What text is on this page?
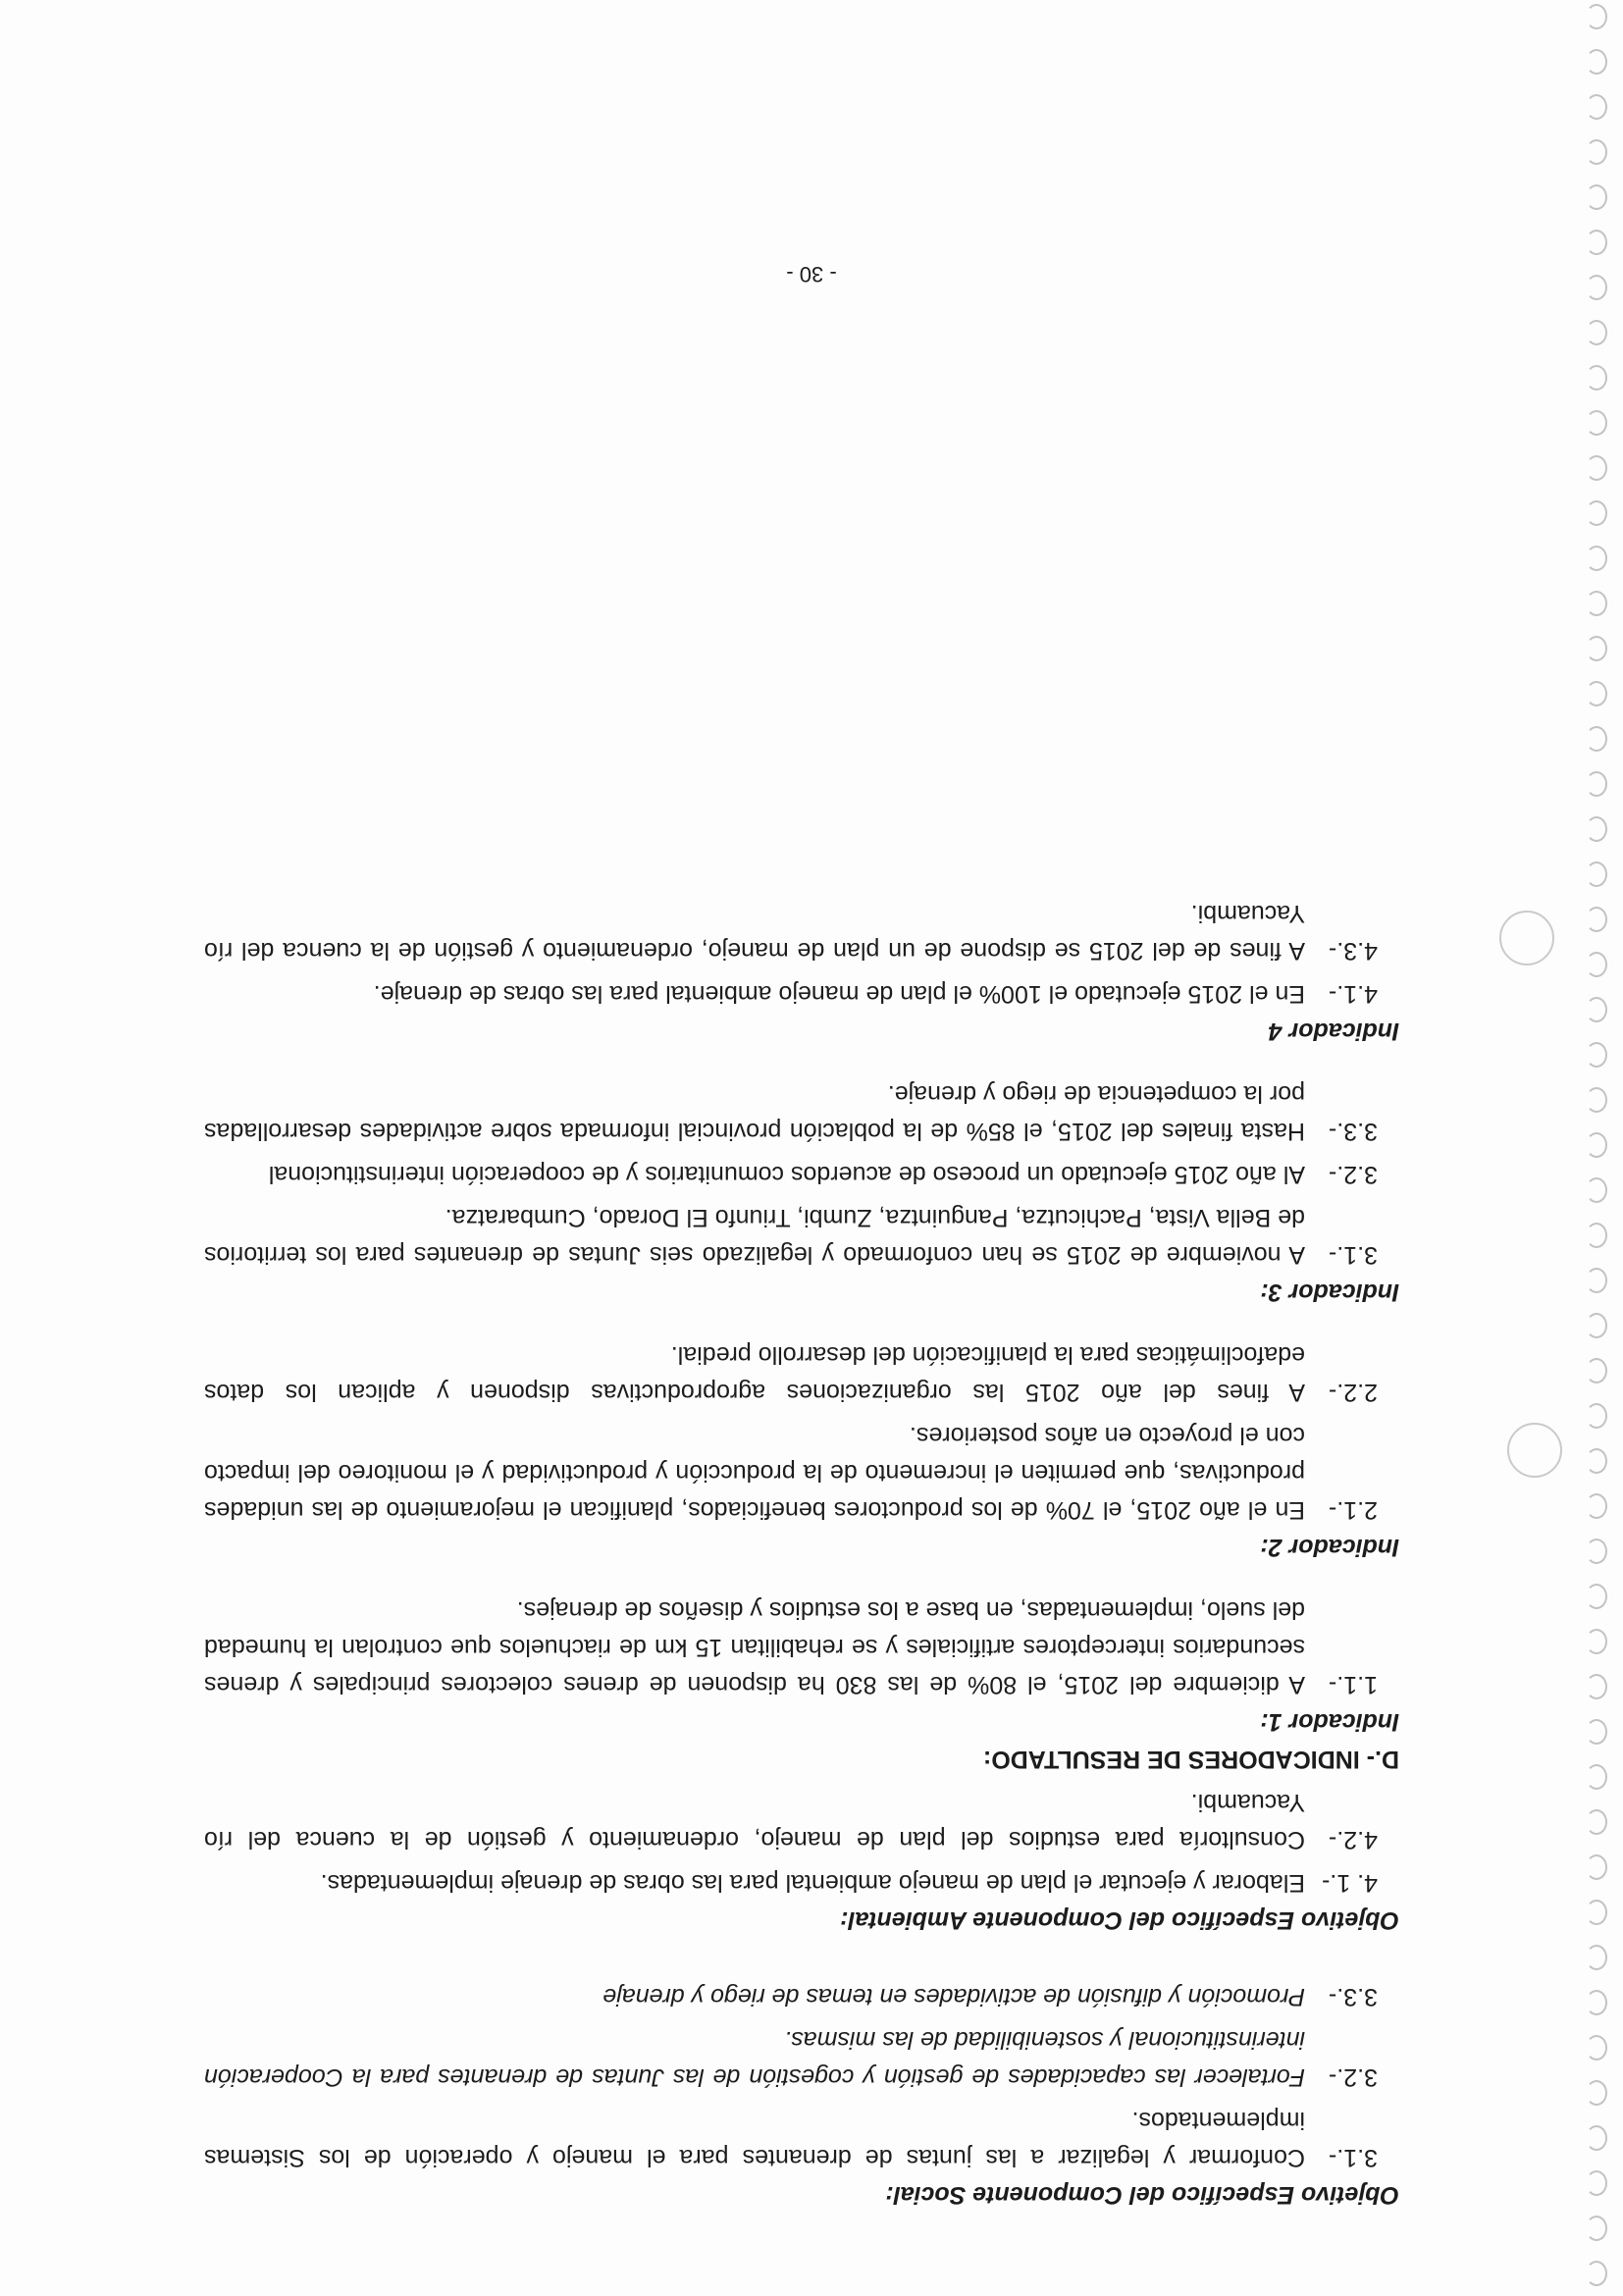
Objetivo Específico del Componente Social:

3.1.-
Conformar y legalizar a las juntas de drenantes para el manejo y operación de los Sistemas implementados.
3.2.-
Fortalecer las capacidades de gestión y cogestión de las Juntas de drenantes para la Cooperación interinstitucional y sostenibilidad de las mismas.
3.3.-
Promoción y difusión de actividades en temas de riego y drenaje

Objetivo Específico del Componente Ambiental:

4. 1.-
Elaborar y ejecutar el plan de manejo ambiental para las obras de drenaje implementadas.
4.2.-
Consultoría para estudios del plan de manejo, ordenamiento y gestión de la cuenca del río Yacuambi.

D.- INDICADORES DE RESULTADO:

Indicador 1:

1.1.-
A diciembre del 2015, el 80% de las 830 ha disponen de drenes colectores principales y drenes secundarios interceptores artificiales y se rehabilitan 15 km de riachuelos que controlan la humedad del suelo, implementadas, en base a los estudios y diseños de drenajes.

Indicador 2:

2.1.-
En el año 2015, el 70% de los productores beneficiados, planifican el mejoramiento de las unidades productivas, que permiten el incremento de la producción y productividad y el monitoreo del impacto con el proyecto en años posteriores.
2.2.-
A fines del año 2015 las organizaciones agroproductivas disponen y aplican los datos edafoclimáticas para la planificación del desarrollo predial.

Indicador 3:

3.1.-
A noviembre de 2015 se han conformado y legalizado seis Juntas de drenantes para los territorios de Bella Vista, Pachicutza, Panguintza, Zumbi, Triunfo El Dorado, Cumbaratza.
3.2.-
Al año 2015 ejecutado un proceso de acuerdos comunitarios y de cooperación interinstitucional
3.3.-
Hasta finales del 2015, el 85% de la población provincial informada sobre actividades desarrolladas por la competencia de riego y drenaje.

Indicador 4

4.1.-
En el 2015 ejecutado el 100% el plan de manejo ambiental para las obras de drenaje.
4.3.-
A fines de del 2015 se dispone de un plan de manejo, ordenamiento y gestión de la cuenca del río Yacuambi.
- 30 -
